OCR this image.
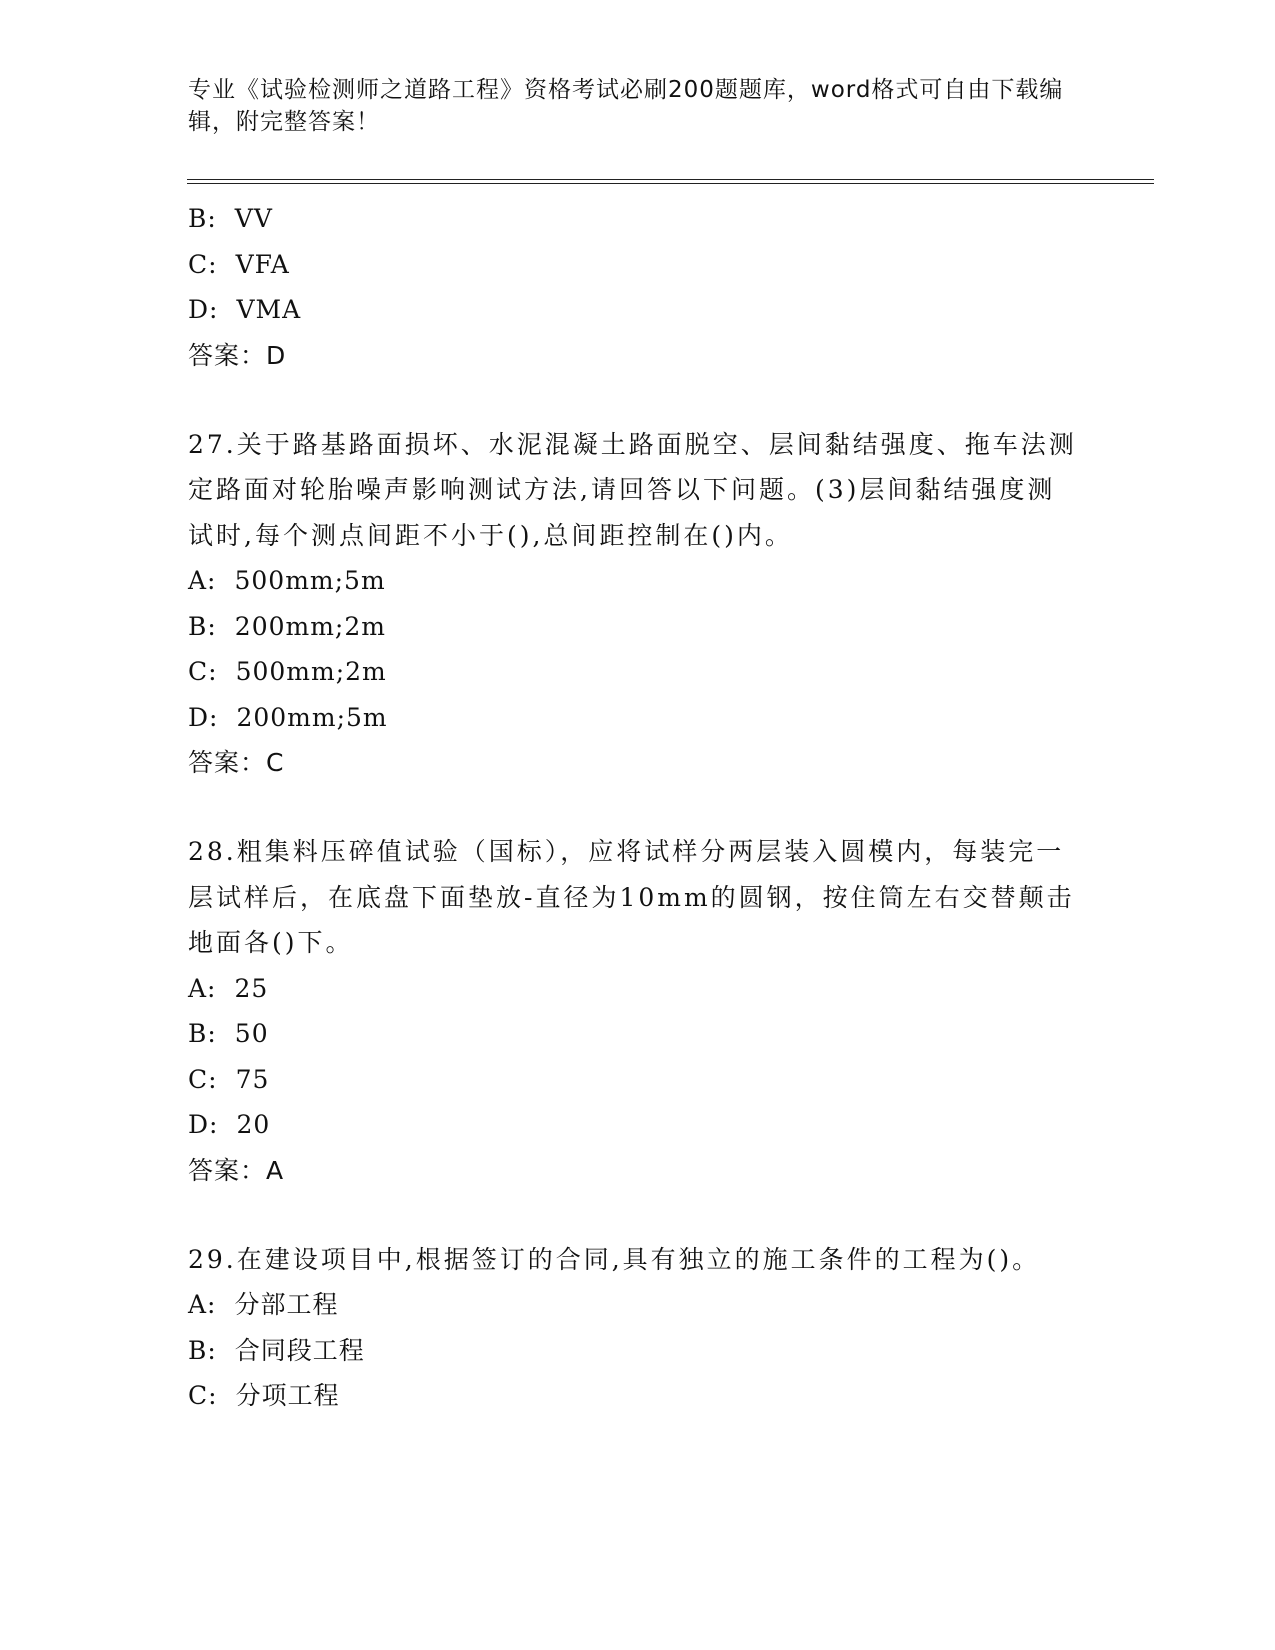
专业《试验检测师之道路工程》资格考试必刷200题题库，word格式可自由下载编辑，附完整答案！
B: VV
C: VFA
D: VMA
答案：D
27.关于路基路面损坏、水泥混凝土路面脱空、层间黏结强度、拖车法测定路面对轮胎噪声影响测试方法,请回答以下问题。(3)层间黏结强度测试时,每个测点间距不小于(),总间距控制在()内。
A: 500mm;5m
B: 200mm;2m
C: 500mm;2m
D: 200mm;5m
答案：C
28.粗集料压碎值试验（国标），应将试样分两层装入圆模内，每装完一层试样后，在底盘下面垫放-直径为10mm的圆钢，按住筒左右交替颠击地面各()下。
A: 25
B: 50
C: 75
D: 20
答案：A
29.在建设项目中,根据签订的合同,具有独立的施工条件的工程为()。
A: 分部工程
B: 合同段工程
C: 分项工程
